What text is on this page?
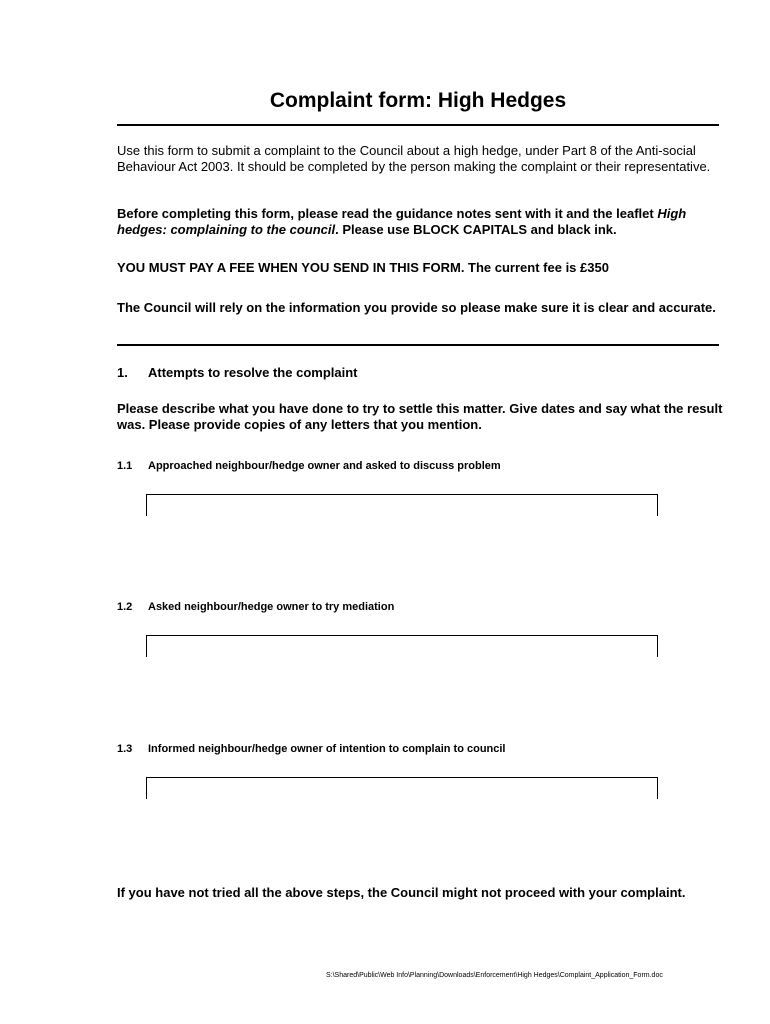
Complaint form: High Hedges

Use this form to submit a complaint to the Council about a high hedge, under Part 8 of the Anti-social Behaviour Act 2003. It should be completed by the person making the complaint or their representative.

Before completing this form, please read the guidance notes sent with it and the leaflet High hedges: complaining to the council. Please use BLOCK CAPITALS and black ink.

YOU MUST PAY A FEE WHEN YOU SEND IN THIS FORM. The current fee is £350

The Council will rely on the information you provide so please make sure it is clear and accurate.

1. Attempts to resolve the complaint

Please describe what you have done to try to settle this matter. Give dates and say what the result was. Please provide copies of any letters that you mention.

1.1 Approached neighbour/hedge owner and asked to discuss problem

1.2 Asked neighbour/hedge owner to try mediation

1.3 Informed neighbour/hedge owner of intention to complain to council

If you have not tried all the above steps, the Council might not proceed with your complaint.

S:\Shared\Public\Web Info\Planning\Downloads\Enforcement\High Hedges\Complaint_Application_Form.doc
